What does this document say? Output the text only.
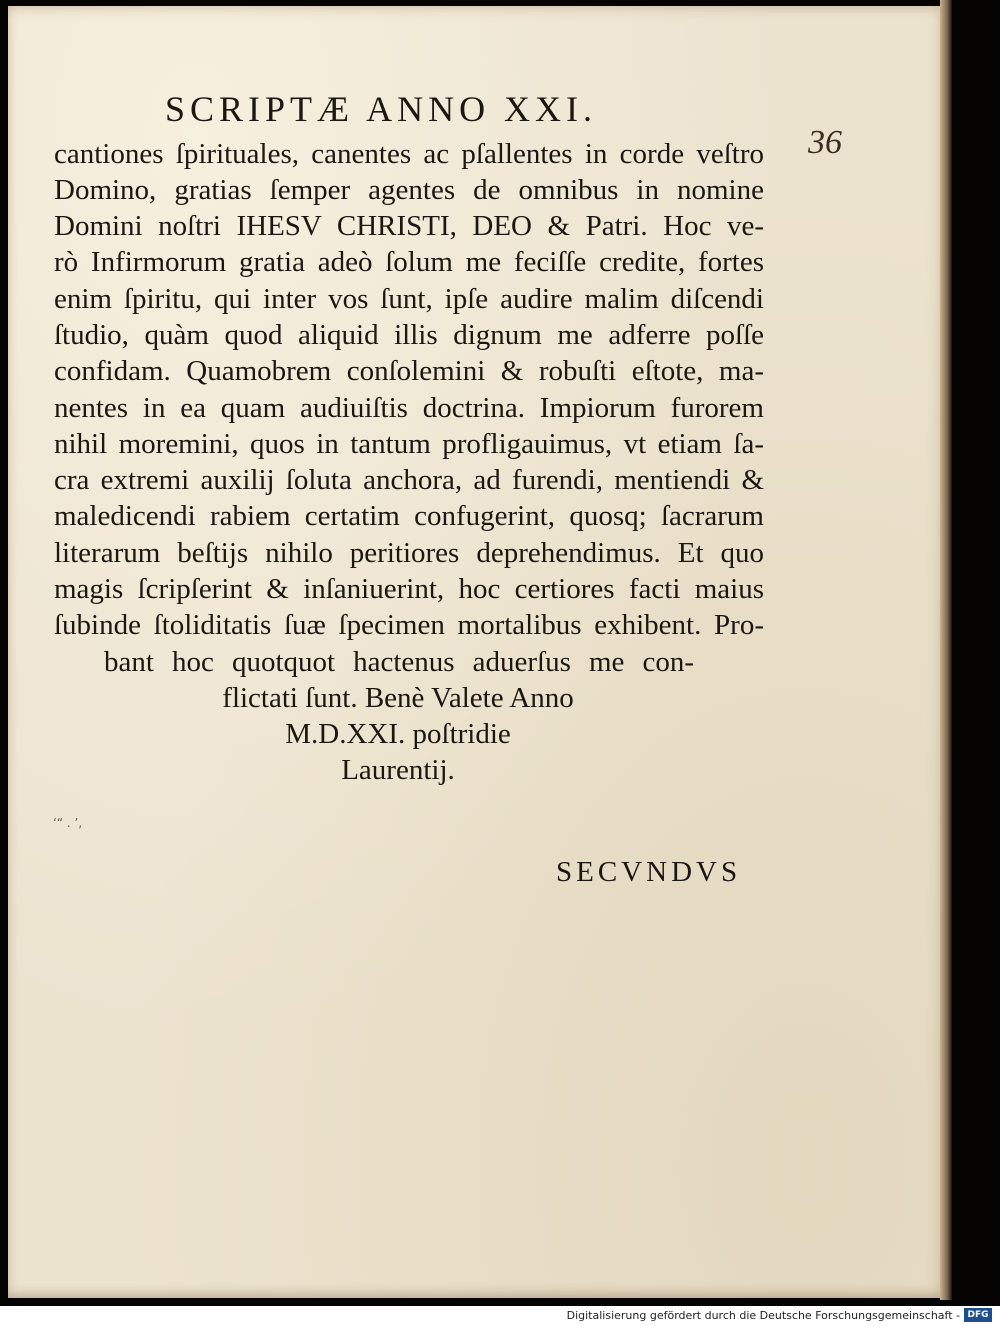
SCRIPTÆ ANNO XXI.
36
cantiones ſpirituales, canentes ac pſallentes in corde veſtro
Domino, gratias ſemper agentes de omnibus in nomine
Domini noſtri IHESV CHRISTI, DEO & Patri. Hoc ve-
rò Infirmorum gratia adeò ſolum me feciſſe credite, fortes
enim ſpiritu, qui inter vos ſunt, ipſe audire malim diſcendi
ſtudio, quàm quod aliquid illis dignum me adferre poſſe
confidam. Quamobrem conſolemini & robuſti eſtote, ma-
nentes in ea quam audiuiſtis doctrina. Impiorum furorem
nihil moremini, quos in tantum profligauimus, vt etiam ſa-
cra extremi auxilij ſoluta anchora, ad furendi, mentiendi &
maledicendi rabiem certatim confugerint, quosq; ſacrarum
literarum beſtijs nihilo peritiores deprehendimus. Et quo
magis ſcripſerint & inſaniuerint, hoc certiores facti maius
ſubinde ſtoliditatis ſuæ ſpecimen mortalibus exhibent. Pro-
bant hoc quotquot hactenus aduerſus me con-
flictati ſunt. Benè Valete Anno
M.D.XXI. poſtridie
Laurentij.
‘“ . ’‚
SECVNDVS
Digitalisierung gefördert durch die Deutsche Forschungsgemeinschaft - DFG
